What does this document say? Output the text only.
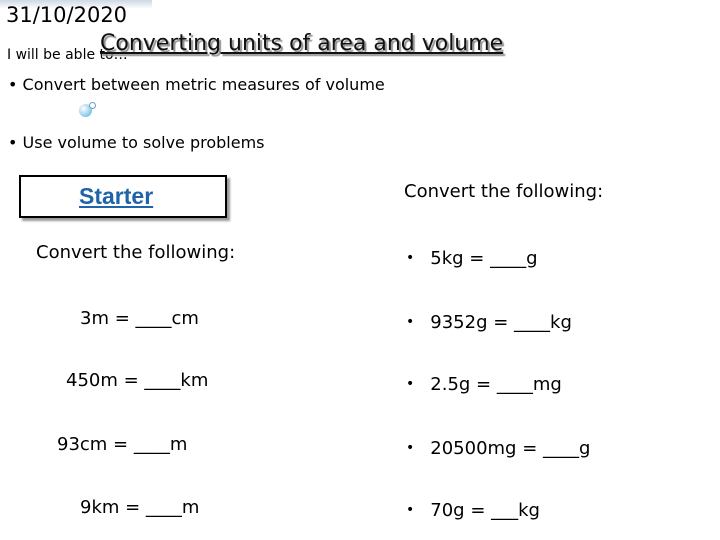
31/10/2020
I will be able to…
Converting units of area and volume
• Convert between metric measures of volume
• Use volume to solve problems
Starter
Convert the following:
3m = ____cm
450m = ____km
93cm = ____m
9km = ____m
Convert the following:
• 5kg = ____g
• 9352g = ____kg
• 2.5g = ____mg
• 20500mg = ____g
• 70g = ___kg
